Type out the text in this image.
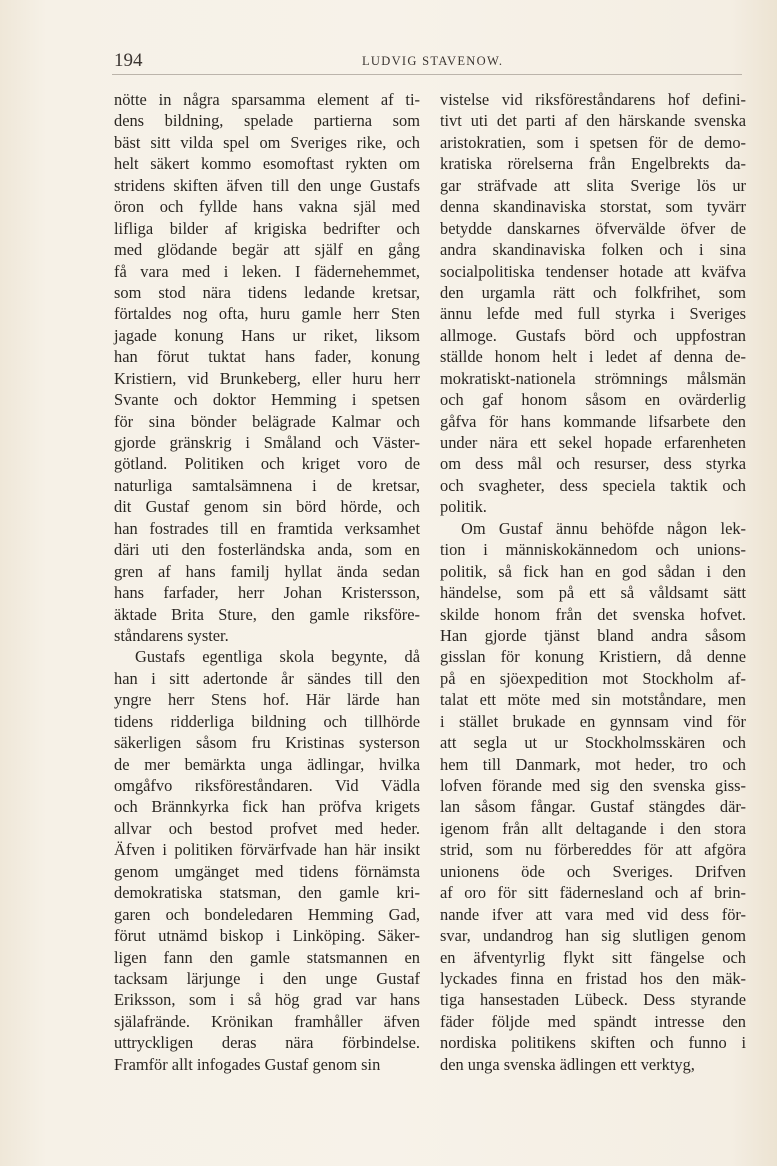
194	LUDVIG STAVENOW.
nötte in några sparsamma element af ti-
dens bildning, spelade partierna som
bäst sitt vilda spel om Sveriges rike, och
helt säkert kommo esomoftast rykten om
stridens skiften äfven till den unge Gustafs
öron och fyllde hans vakna själ med
lifliga bilder af krigiska bedrifter och
med glödande begär att själf en gång
få vara med i leken. I fädernehemmet,
som stod nära tidens ledande kretsar,
förtaldes nog ofta, huru gamle herr Sten
jagade konung Hans ur riket, liksom
han förut tuktat hans fader, konung
Kristiern, vid Brunkeberg, eller huru herr
Svante och doktor Hemming i spetsen
för sina bönder belägrade Kalmar och
gjorde gränskrig i Småland och Väster-
götland. Politiken och kriget voro de
naturliga samtalsämnena i de kretsar,
dit Gustaf genom sin börd hörde, och
han fostrades till en framtida verksamhet
däri uti den fosterländska anda, som en
gren af hans familj hyllat ända sedan
hans farfader, herr Johan Kristersson,
äktade Brita Sture, den gamle riksföre-
ståndarens syster.
Gustafs egentliga skola begynte, då
han i sitt adertonde år sändes till den
yngre herr Stens hof. Här lärde han
tidens ridderliga bildning och tillhörde
säkerligen såsom fru Kristinas systerson
de mer bemärkta unga ädlingar, hvilka
omgåfvo riksföreståndaren. Vid Vädla
och Brännkyrka fick han pröfva krigets
allvar och bestod profvet med heder.
Äfven i politiken förvärfvade han här insikt
genom umgänget med tidens förnämsta
demokratiska statsman, den gamle kri-
garen och bondeledaren Hemming Gad,
förut utnämd biskop i Linköping. Säker-
ligen fann den gamle statsmannen en
tacksam lärjunge i den unge Gustaf
Eriksson, som i så hög grad var hans
själafrände. Krönikan framhåller äfven
uttryckligen deras nära förbindelse.
Framför allt infogades Gustaf genom sin
vistelse vid riksföreståndarens hof defini-
tivt uti det parti af den härskande svenska
aristokratien, som i spetsen för de demo-
kratiska rörelserna från Engelbrekts da-
gar sträfvade att slita Sverige lös ur
denna skandinaviska storstat, som tyvärr
betydde danskarnes öfvervälde öfver de
andra skandinaviska folken och i sina
socialpolitiska tendenser hotade att kväfva
den urgamla rätt och folkfrihet, som
ännu lefde med full styrka i Sveriges
allmoge. Gustafs börd och uppfostran
ställde honom helt i ledet af denna de-
mokratiskt-nationela strömnings målsmän
och gaf honom såsom en ovärderlig
gåfva för hans kommande lifsarbete den
under nära ett sekel hopade erfarenheten
om dess mål och resurser, dess styrka
och svagheter, dess speciela taktik och
politik.
Om Gustaf ännu behöfde någon lek-
tion i människokännedom och unions-
politik, så fick han en god sådan i den
händelse, som på ett så våldsamt sätt
skilde honom från det svenska hofvet.
Han gjorde tjänst bland andra såsom
gisslan för konung Kristiern, då denne
på en sjöexpedition mot Stockholm af-
talat ett möte med sin motståndare, men
i stället brukade en gynnsam vind för
att segla ut ur Stockholmsskären och
hem till Danmark, mot heder, tro och
lofven förande med sig den svenska giss-
lan såsom fångar. Gustaf stängdes där-
igenom från allt deltagande i den stora
strid, som nu förbereddes för att afgöra
unionens öde och Sveriges. Drifven
af oro för sitt fädernesland och af brin-
nande ifver att vara med vid dess för-
svar, undandrog han sig slutligen genom
en äfventyrlig flykt sitt fängelse och
lyckades finna en fristad hos den mäk-
tiga hansestaden Lübeck. Dess styrande
fäder följde med spändt intresse den
nordiska politikens skiften och funno i
den unga svenska ädlingen ett verktyg,
